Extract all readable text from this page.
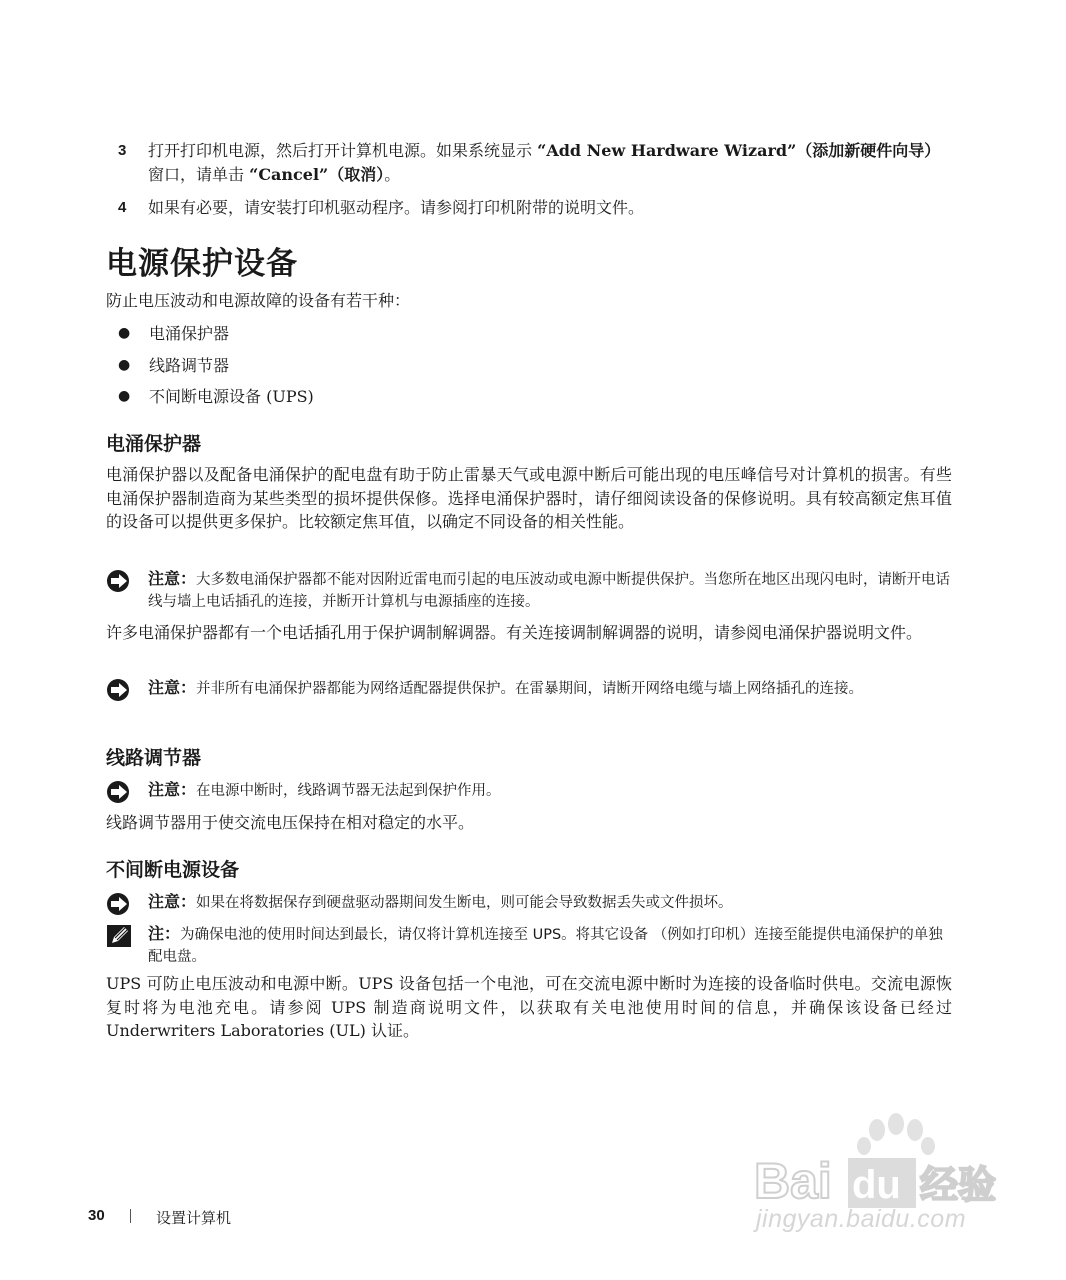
3 打开打印机电源，然后打开计算机电源。如果系统显示 “Add New Hardware Wizard”（添加新硬件向导）窗口，请单击 “Cancel”（取消）。
4 如果有必要，请安装打印机驱动程序。请参阅打印机附带的说明文件。
电源保护设备
防止电压波动和电源故障的设备有若干种：
● 电涌保护器
● 线路调节器
● 不间断电源设备 (UPS)
电涌保护器
电涌保护器以及配备电涌保护的配电盘有助于防止雷暴天气或电源中断后可能出现的电压峰信号对计算机的损害。有些电涌保护器制造商为某些类型的损坏提供保修。选择电涌保护器时，请仔细阅读设备的保修说明。具有较高额定焦耳值的设备可以提供更多保护。比较额定焦耳值，以确定不同设备的相关性能。
注意：大多数电涌保护器都不能对因附近雷电而引起的电压波动或电源中断提供保护。当您所在地区出现闪电时，请断开电话线与墙上电话插孔的连接，并断开计算机与电源插座的连接。
许多电涌保护器都有一个电话插孔用于保护调制解调器。有关连接调制解调器的说明，请参阅电涌保护器说明文件。
注意：并非所有电涌保护器都能为网络适配器提供保护。在雷暴期间，请断开网络电缆与墙上网络插孔的连接。
线路调节器
注意：在电源中断时，线路调节器无法起到保护作用。
线路调节器用于使交流电压保持在相对稳定的水平。
不间断电源设备
注意：如果在将数据保存到硬盘驱动器期间发生断电，则可能会导致数据丢失或文件损坏。
注：为确保电池的使用时间达到最长，请仅将计算机连接至 UPS。将其它设备 （例如打印机）连接至能提供电涌保护的单独配电盘。
UPS 可防止电压波动和电源中断。UPS 设备包括一个电池，可在交流电源中断时为连接的设备临时供电。交流电源恢复时将为电池充电。请参阅 UPS 制造商说明文件，以获取有关电池使用时间的信息，并确保该设备已经过 Underwriters Laboratories (UL) 认证。
Bai du 经验
jingyan.baidu.com
30	设置计算机
